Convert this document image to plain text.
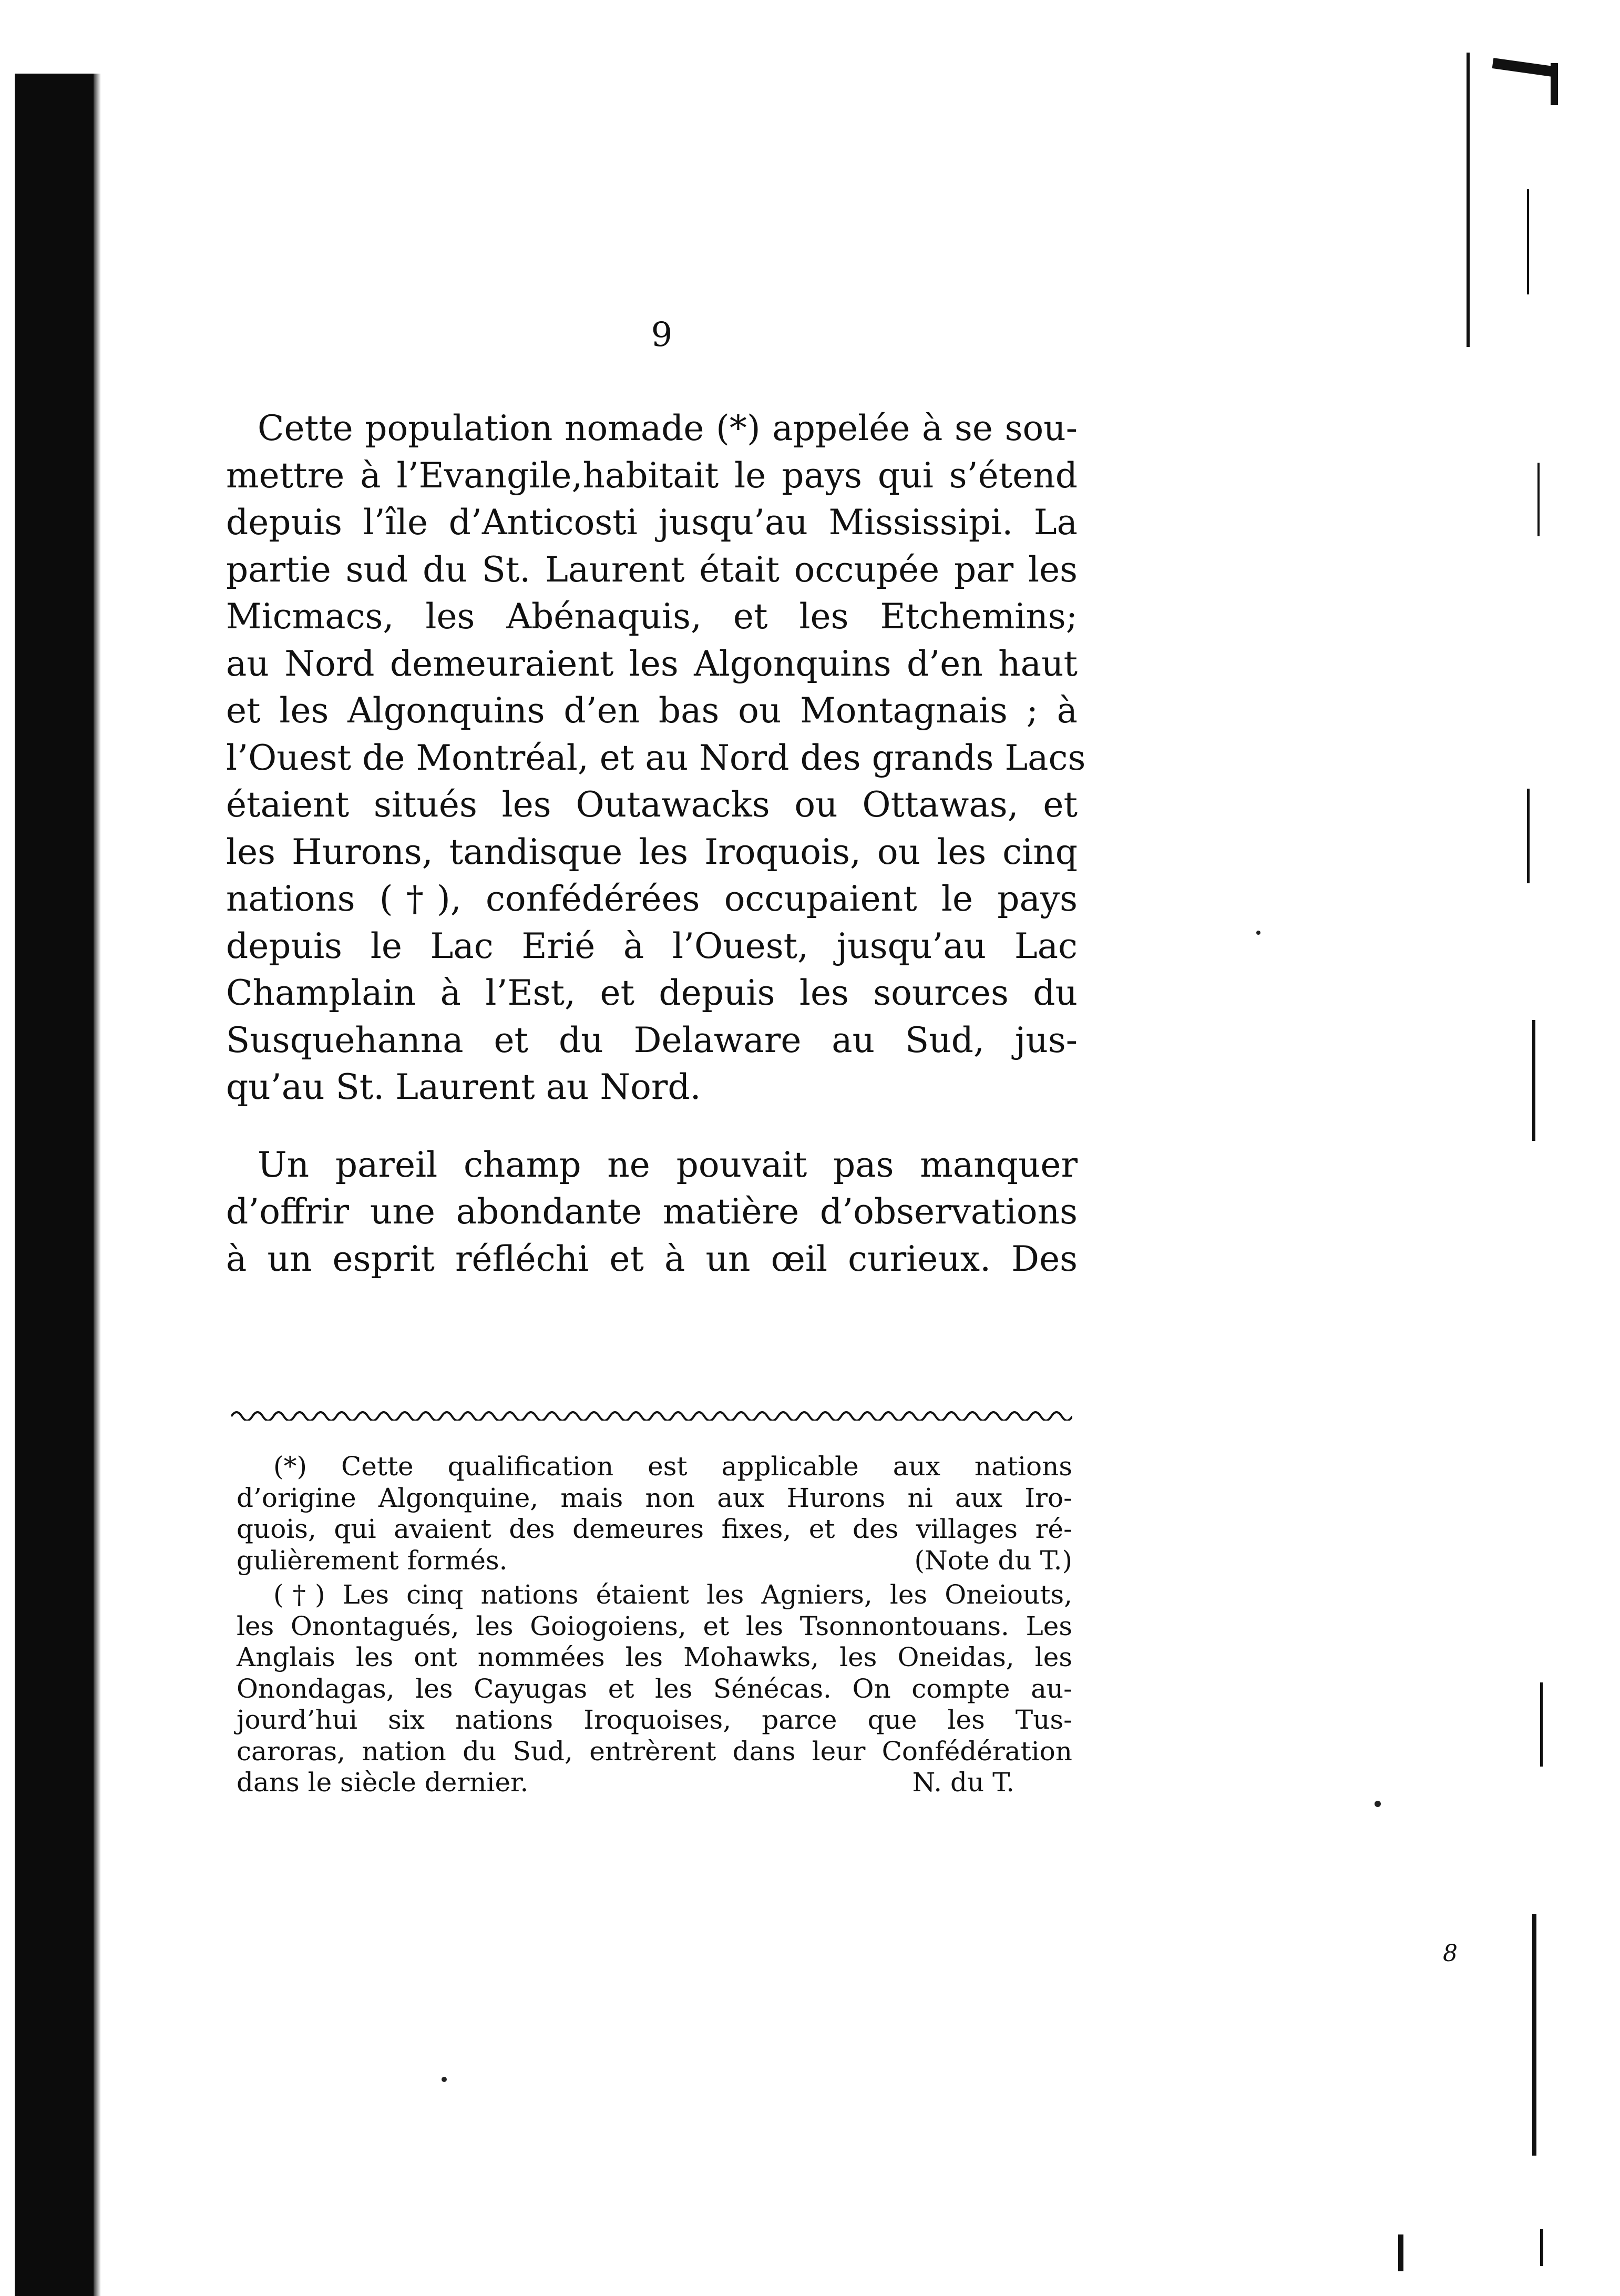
9
Cette population nomade (*) appelée à se sou-
mettre à l’Evangile,habitait le pays qui s’étend
depuis l’île d’Anticosti jusqu’au Mississipi. La
partie sud du St. Laurent était occupée par les
Micmacs, les Abénaquis, et les Etchemins;
au Nord demeuraient les Algonquins d’en haut
et les Algonquins d’en bas ou Montagnais ; à
l’Ouest de Montréal, et au Nord des grands Lacs
étaient situés les Outawacks ou Ottawas, et
les Hurons, tandisque les Iroquois, ou les cinq
nations (†), confédérées occupaient le pays
depuis le Lac Erié à l’Ouest, jusqu’au Lac
Champlain à l’Est, et depuis les sources du
Susquehanna et du Delaware au Sud, jus-
qu’au St. Laurent au Nord.
Un pareil champ ne pouvait pas manquer
d’offrir une abondante matière d’observations
à un esprit réfléchi et à un œil curieux. Des
(*) Cette qualification est applicable aux nations
d’origine Algonquine, mais non aux Hurons ni aux Iro-
quois, qui avaient des demeures fixes, et des villages ré-
gulièrement formés.	(Note du T.)
(†) Les cinq nations étaient les Agniers, les Oneiouts,
les Onontagués, les Goiogoiens, et les Tsonnontouans. Les
Anglais les ont nommées les Mohawks, les Oneidas, les
Onondagas, les Cayugas et les Sénécas. On compte au-
jourd’hui six nations Iroquoises, parce que les Tus-
caroras, nation du Sud, entrèrent dans leur Confédération
dans le siècle dernier.	N. du T.
8
